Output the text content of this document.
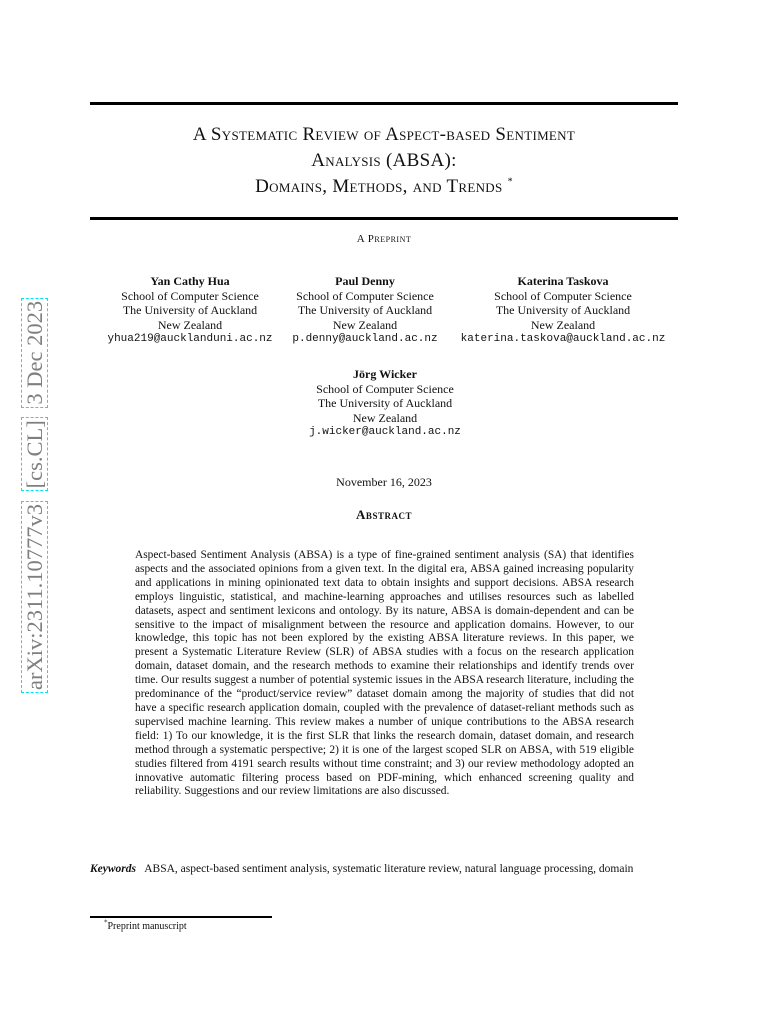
arXiv:2311.10777v3 [cs.CL] 3 Dec 2023
A Systematic Review of Aspect-based Sentiment
Analysis (ABSA):
Domains, Methods, and Trends *
A Preprint
Yan Cathy Hua
School of Computer Science
The University of Auckland
New Zealand
yhua219@aucklanduni.ac.nz
Paul Denny
School of Computer Science
The University of Auckland
New Zealand
p.denny@auckland.ac.nz
Katerina Taskova
School of Computer Science
The University of Auckland
New Zealand
katerina.taskova@auckland.ac.nz
Jörg Wicker
School of Computer Science
The University of Auckland
New Zealand
j.wicker@auckland.ac.nz
November 16, 2023
Abstract

Aspect-based Sentiment Analysis (ABSA) is a type of fine-grained sentiment analysis (SA) that identifies aspects and the associated opinions from a given text. In the digital era, ABSA gained increasing popularity and applications in mining opinionated text data to obtain insights and support decisions. ABSA research employs linguistic, statistical, and machine-learning approaches and utilises resources such as labelled datasets, aspect and sentiment lexicons and ontology. By its nature, ABSA is domain-dependent and can be sensitive to the impact of misalignment between the resource and application domains. However, to our knowledge, this topic has not been explored by the existing ABSA literature reviews. In this paper, we present a Systematic Literature Review (SLR) of ABSA studies with a focus on the research application domain, dataset domain, and the research methods to examine their relationships and identify trends over time. Our results suggest a number of potential systemic issues in the ABSA research literature, including the predominance of the “product/service review” dataset domain among the majority of studies that did not have a specific research application domain, coupled with the prevalence of dataset-reliant methods such as supervised machine learning. This review makes a number of unique contributions to the ABSA research field: 1) To our knowledge, it is the first SLR that links the research domain, dataset domain, and research method through a systematic perspective; 2) it is one of the largest scoped SLR on ABSA, with 519 eligible studies filtered from 4191 search results without time constraint; and 3) our review methodology adopted an innovative automatic filtering process based on PDF-mining, which enhanced screening quality and reliability. Suggestions and our review limitations are also discussed.

Keywords ABSA, aspect-based sentiment analysis, systematic literature review, natural language processing, domain
*Preprint manuscript
